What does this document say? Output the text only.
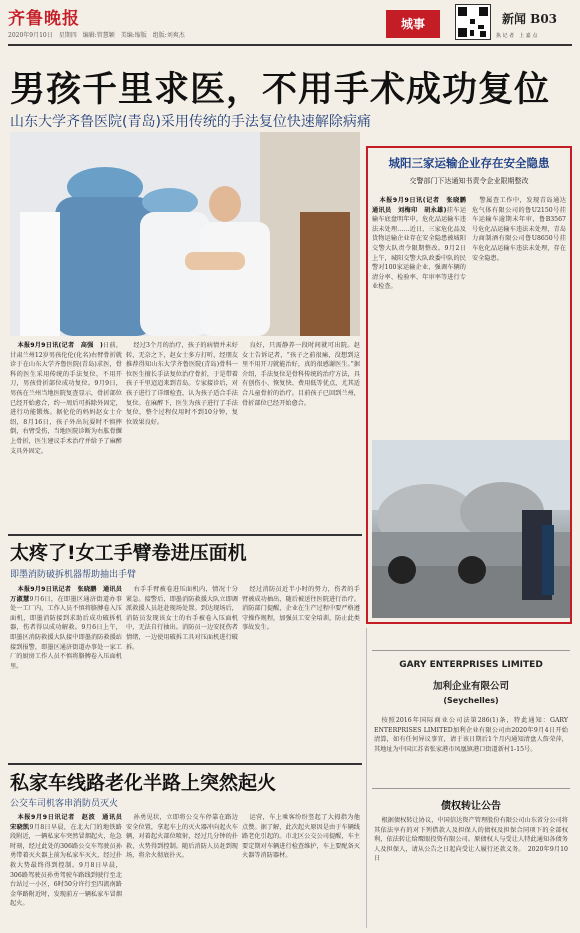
齐鲁晚报
2020年9月10日　星期四　编辑:管慧颖　美编:缩版　组版:刘爽杰
城事	新闻 B03
执 记 者　上 嘉 点
男孩千里求医，不用手术成功复位
山东大学齐鲁医院(青岛)采用传统的手法复位快速解除病痛

本报9月9日讯(记者　高强　)日前，甘肃兰州12岁男孩伦伦(化名)右臂骨折就诊于在山东大学齐鲁医院(青岛)求医，骨科的医生采用传统的手法复位，不用开刀，男孩骨折部位成功复位。9月9日，男孩在兰州当地医院复查显示，骨折部位已经开始愈合，约一周后可拆除外固定，进行功能锻炼。据伦伦的妈妈赵女士介绍，8月16日，孩子外出玩耍时不慎摔倒，右臂受伤，当地医院诊断为右肱骨髁上骨折，医生建议手术治疗并给予了麻醉支具外固定。

经过3个月的治疗，孩子的病情并未好转，无奈之下，赵女士多方打听，经朋友推荐得知山东大学齐鲁医院(青岛)骨科一位医生擅长手法复位治疗骨折，于是带着孩子千里迢迢来到青岛。专家接诊后，对孩子进行了详细检查，认为孩子适合手法复位。在麻醉下，医生为孩子进行了手法复位，整个过程仅用时不到10分钟，复位效果良好。

良好，只需静养一段时间就可出院。赵女士告诉记者，“孩子之前很痛，没想到这里不用开刀就能治好，真的很感谢医生。”据介绍，手法复位是骨科传统的治疗方法，具有创伤小、恢复快、费用低等优点，尤其适合儿童骨折的治疗。目前孩子已回到兰州，骨折部位已经开始愈合。

城阳三家运输企业存在安全隐患
交警部门下达通知书责令企业限期整改

本报9月9日讯(记者　张晓鹏　通讯员　刘梅印　胡永雄)挂车运输车底盘明年申，危化品运输车违法未处理……近日，三家危化品及货物运输企业存在安全隐患被城阳交警大队责令限期整改。9月2日上午，城阳交警大队政委中队的民警对100家运输企业、强调车辆的清分率、检验率、年审率等进行专业检查。

警属查工作中，发现青岛通达危气体有限公司的鲁U2150号挂车运输车逾期未年审，鲁B3567号危化品运输车违法未处理，青岛力商制酒有限公司鲁U8650号挂车危化品运输车违法未处理，存在安全隐患。

太疼了!女工手臂卷进压面机
即墨消防破拆机器帮助抽出手臂

本报9月9日讯记者　张晓鹏　通讯员　万淑慧9月6日，在即墨区通济街道办事处一工厂内，工作人员不慎将胳膊卷入压面机，即墨消防接到求助后成功破拆机器，伤者得以成功解救。9月6日上午，即墨区消防救援大队接中即墨消防救援站接到报警，即墨区通济街道办事处一家工厂的厨房工作人员不慎将胳膊卷入压面机里。

右手手臂被卷进压面机内，情况十分紧急。接警后，即墨消防救援大队立即调派救援人员赶赴现场处置。到达现场后，消防员发现该女士的右手被卷入压面机中，无法自行抽出。消防员一边安抚伤者情绪，一边使用破拆工具对压面机进行破拆。

经过消防员近半小时的努力，伤者的手臂被成功抽出，随后被送往医院进行治疗。消防部门提醒，企业在生产过程中要严格遵守操作规程，加强员工安全培训，防止此类事故发生。

私家车线路老化半路上突然起火
公交车司机客串消防员灭火

本报9月9日讯记者　赵波　通讯员　宋晓凯9月8日早晨，在北大门的地铁路段附近，一辆私家车突然冒烟起火，危急时刻，经过此处的306路公交车驾驶员孙勇带着灭火器上前为私家车灭火，经过扑救大势最终得到控制。9月8日早晨，306路驾驶员孙勇驾驶车路线到驶行至北台站过一小区，6时50分许行至四流南路金华路附近时，发现前方一辆私家车冒烟起火。

孙勇见状，立即将公交车停靠在路边安全位置，拿起车上的灭火器冲向起火车辆，对着起火部位喷射，经过几分钟的扑救，火势得到控制。随后消防人员赶到现场，将余火彻底扑灭。

运营，车上乘客纷纷竖起了大拇指为他点赞。据了解，此次起火原因是由于车辆线路老化引起的。市北区公交公司提醒，车主要定期对车辆进行检查维护，车上要配备灭火器等消防器材。

GARY ENTERPRISES LIMITED
加利企业有限公司
(Seychelles)

按照2016年国际商业公司法第286(1)条，特此通知：GARY ENTERPRISES LIMITED加利企业有限公司由2020年9月4日开始清算，如有任何异议事宜，请于该日期后1个月内通知清盘人詹荣萍，其地址为中国江苏省张家港市凤凰镇港口街道新村1-15号。

债权转让公告

根据债权转让协议，中国信达资产管理股份有限公司山东省分公司将其依法享有的对下列借款人及担保人的债权及担保合同项下的全部权利，依法转让给鹰眼投资有限公司。原债权人与受让人特此通知各债务人及担保人，请从公告之日起向受让人履行还款义务。　2020年9月10日
